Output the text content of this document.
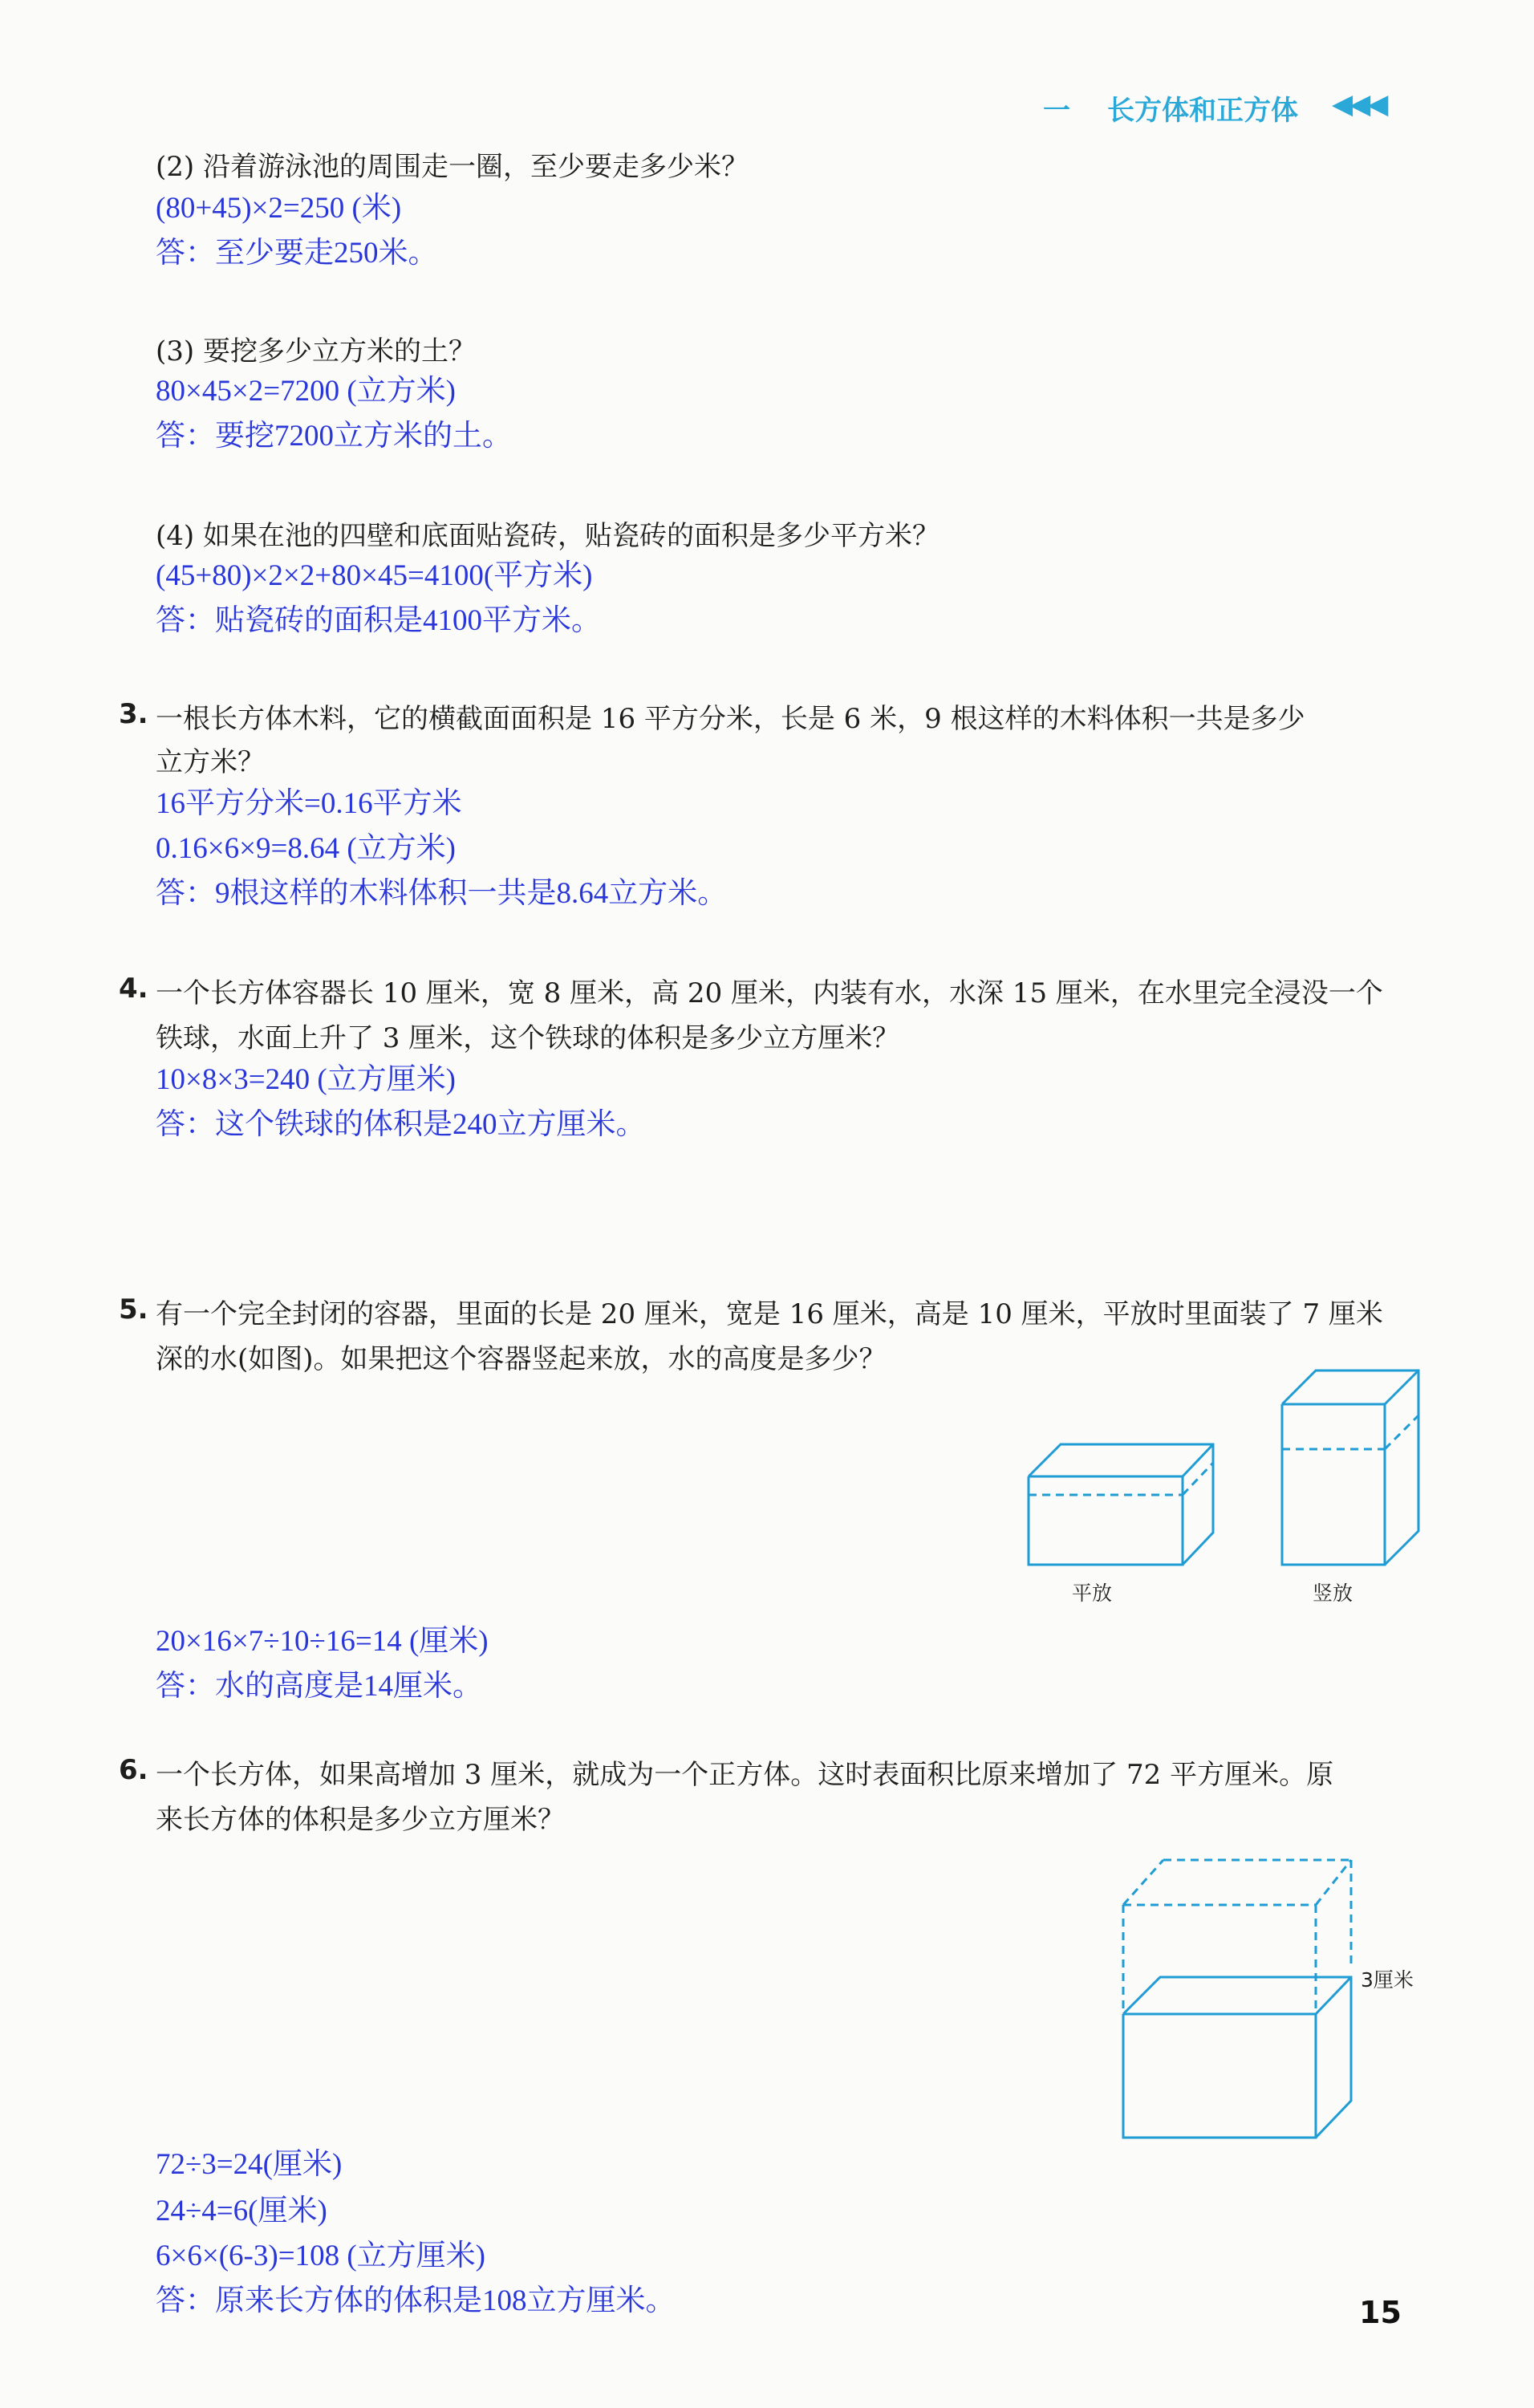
一 长方体和正方体 ◀◀◀
(2) 沿着游泳池的周围走一圈，至少要走多少米？
(80+45)×2=250 (米)
答：至少要走250米。
(3) 要挖多少立方米的土？
80×45×2=7200 (立方米)
答：要挖7200立方米的土。
(4) 如果在池的四壁和底面贴瓷砖，贴瓷砖的面积是多少平方米？
(45+80)×2×2+80×45=4100(平方米)
答：贴瓷砖的面积是4100平方米。
3. 一根长方体木料，它的横截面面积是 16 平方分米，长是 6 米，9 根这样的木料体积一共是多少
立方米？
16平方分米=0.16平方米
0.16×6×9=8.64 (立方米)
答：9根这样的木料体积一共是8.64立方米。
4. 一个长方体容器长 10 厘米，宽 8 厘米，高 20 厘米，内装有水，水深 15 厘米，在水里完全浸没一个
铁球，水面上升了 3 厘米，这个铁球的体积是多少立方厘米？
10×8×3=240 (立方厘米)
答：这个铁球的体积是240立方厘米。
5. 有一个完全封闭的容器，里面的长是 20 厘米，宽是 16 厘米，高是 10 厘米，平放时里面装了 7 厘米
深的水(如图)。如果把这个容器竖起来放，水的高度是多少？
平放	竖放
20×16×7÷10÷16=14 (厘米)
答：水的高度是14厘米。
6. 一个长方体，如果高增加 3 厘米，就成为一个正方体。这时表面积比原来增加了 72 平方厘米。原
来长方体的体积是多少立方厘米？
3厘米
72÷3=24(厘米)
24÷4=6(厘米)
6×6×(6-3)=108 (立方厘米)
答：原来长方体的体积是108立方厘米。	15
